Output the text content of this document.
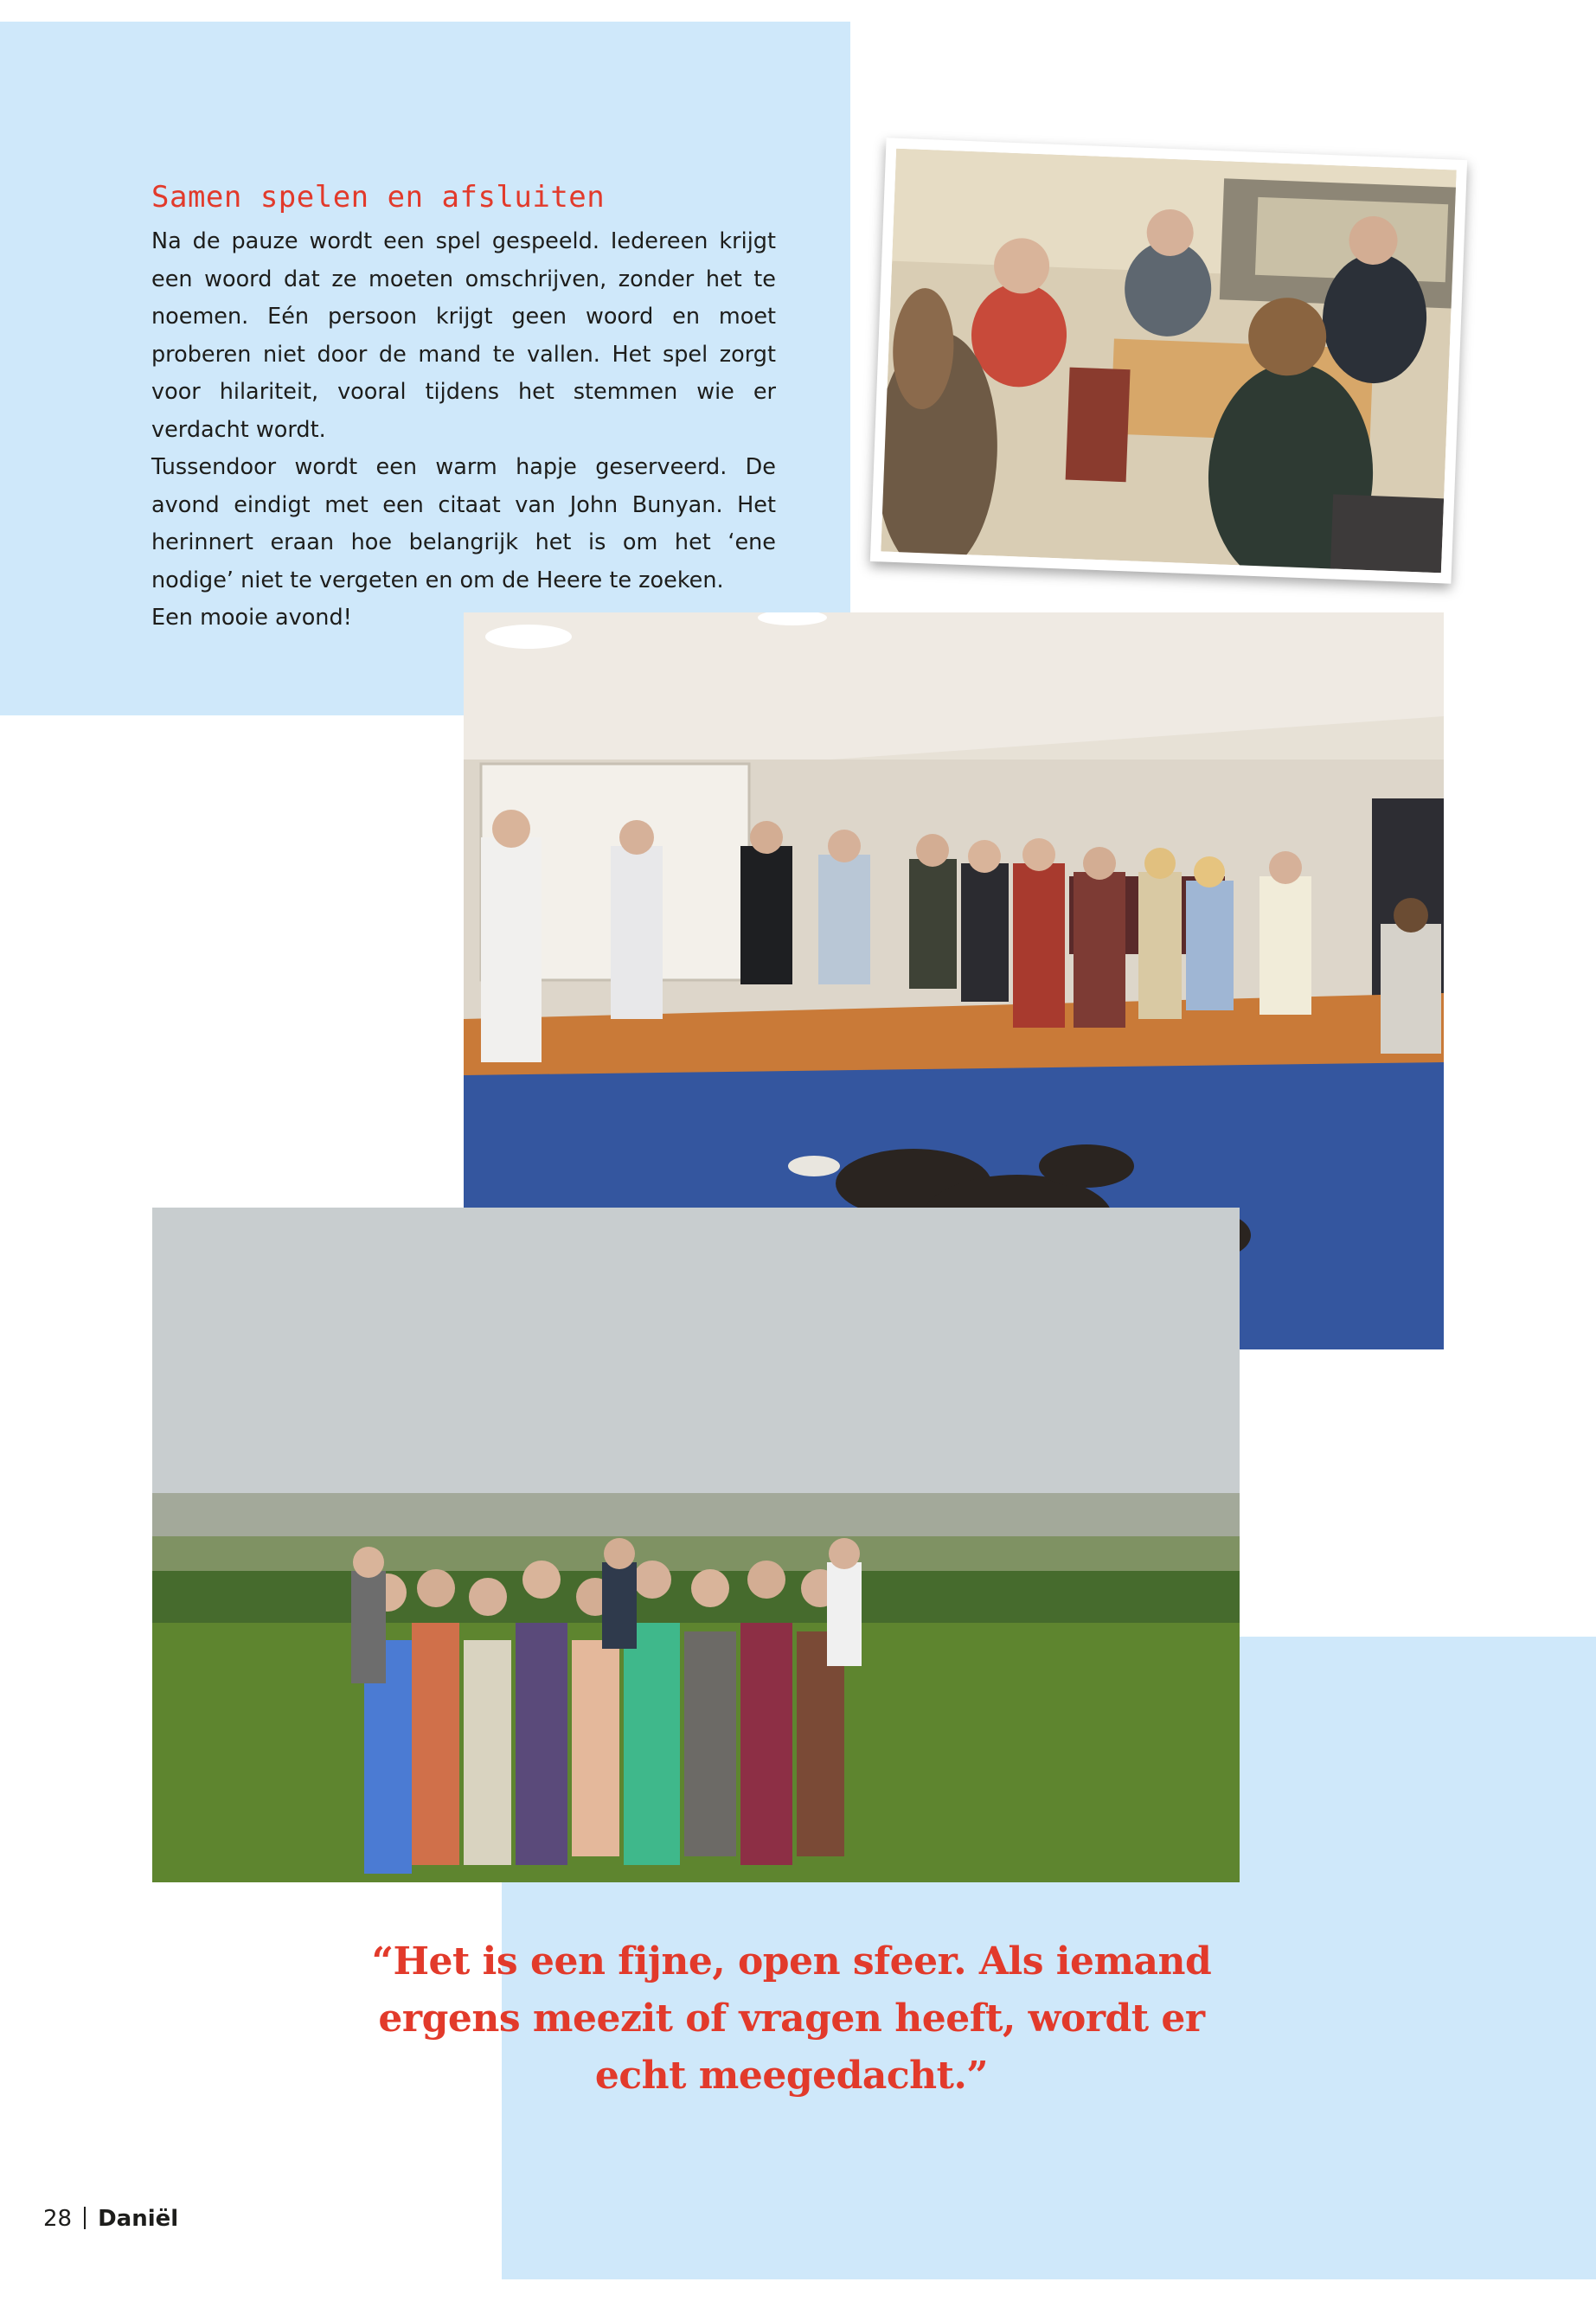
Samen spelen en afsluiten

Na de pauze wordt een spel gespeeld. Iedereen krijgt een woord dat ze moeten omschrijven, zonder het te noemen. Eén persoon krijgt geen woord en moet proberen niet door de mand te vallen. Het spel zorgt voor hilariteit, vooral tijdens het stemmen wie er verdacht wordt.

Tussendoor wordt een warm hapje geserveerd. De avond eindigt met een citaat van John Bunyan. Het herinnert eraan hoe belangrijk het is om het ‘ene nodige’ niet te vergeten en om de Heere te zoeken.

Een mooie avond!

“Het is een fijne, open sfeer. Als iemand ergens meezit of vragen heeft, wordt er echt meegedacht.”
28 Daniël
